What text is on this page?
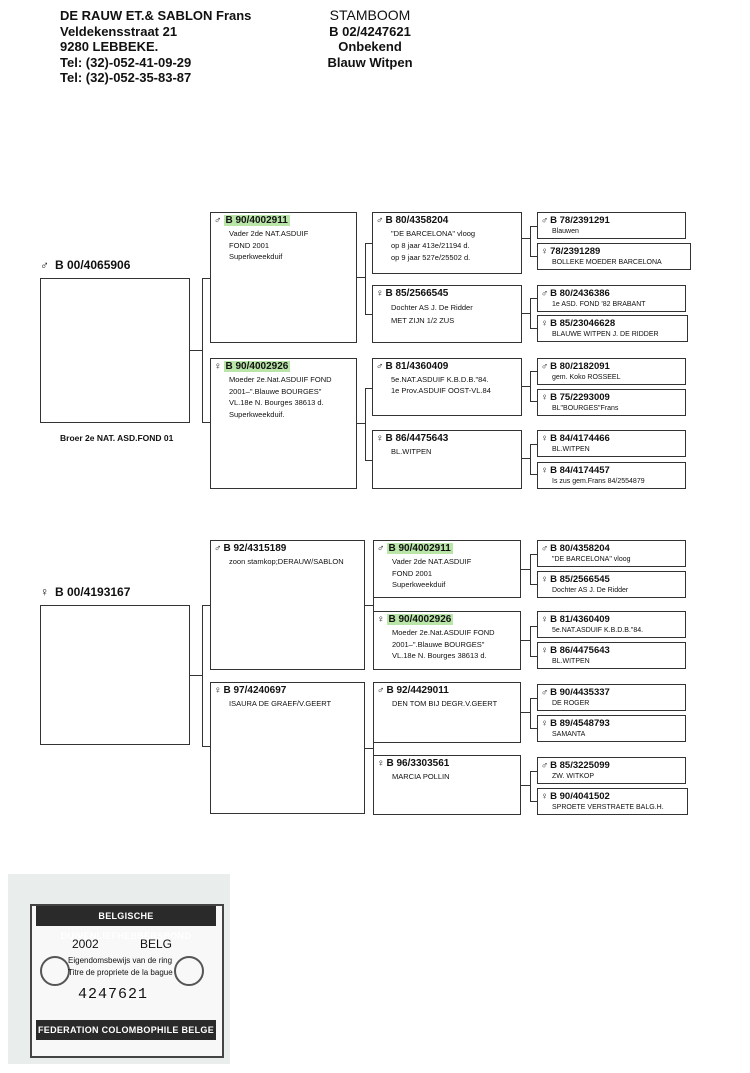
DE RAUW ET.& SABLON Frans
Veldekensstraat 21
9280 LEBBEKE.
Tel: (32)-052-41-09-29
Tel: (32)-052-35-83-87
STAMBOOM
B 02/4247621
Onbekend
Blauw Witpen
♂ B 00/4065906
Broer 2e NAT. ASD.FOND 01
♂ B 90/4002911
Vader 2de NAT.ASDUIF
FOND 2001
Superkweekduif
♀ B 90/4002926
Moeder 2e.Nat.ASDUIF FOND
2001–".Blauwe BOURGES"
VL.18e N. Bourges 38613 d.
Superkweekduif.
♂ B 80/4358204
"DE BARCELONA" vloog
op 8 jaar 413e/21194 d.
op 9 jaar 527e/25502 d.
♀ B 85/2566545
Dochter AS J. De Ridder
MET ZIJN 1/2 ZUS
♂ B 81/4360409
5e.NAT.ASDUIF K.B.D.B."84.
1e Prov.ASDUIF OOST-VL.84
♀ B 86/4475643
BL.WITPEN
♂ B 78/2391291
Blauwen
♀ 78/2391289
BOLLEKE MOEDER BARCELONA
♂ B 80/2436386
1e ASD. FOND '82 BRABANT
♀ B 85/23046628
BLAUWE WITPEN J. DE RIDDER
♂ B 80/2182091
gem. Koko ROSSEEL
♀ B 75/2293009
BL"BOURGES"Frans
♀ B 84/4174466
BL.WITPEN
♀ B 84/4174457
Is zus gem.Frans 84/2554879
♀ B 00/4193167
♂ B 92/4315189
zoon stamkop;DERAUW/SABLON
♀ B 97/4240697
ISAURA DE GRAEF/V.GEERT
♂ B 90/4002911
Vader 2de NAT.ASDUIF
FOND 2001
Superkweekduif
♀ B 90/4002926
Moeder 2e.Nat.ASDUIF FOND
2001–".Blauwe BOURGES"
VL.18e N. Bourges 38613 d.
♂ B 92/4429011
DEN TOM BIJ DEGR.V.GEERT
♀ B 96/3303561
MARCIA POLLIN
♂ B 80/4358204
"DE BARCELONA" vloog
♀ B 85/2566545
Dochter AS J. De Ridder
♀ B 81/4360409
5e.NAT.ASDUIF K.B.D.B."84.
♀ B 86/4475643
BL.WITPEN
♂ B 90/4435337
DE ROGER
♀ B 89/4548793
SAMANTA
♂ B 85/3225099
ZW. WITKOP
♀ B 90/4041502
SPROETE VERSTRAETE BALG.H.
BELGISCHE DUIVENLIEFHEBBERSBOND
2002	BELG
Eigendomsbewijs van de ring
Titre de propriete de la bague
4247621
FEDERATION COLOMBOPHILE BELGE
